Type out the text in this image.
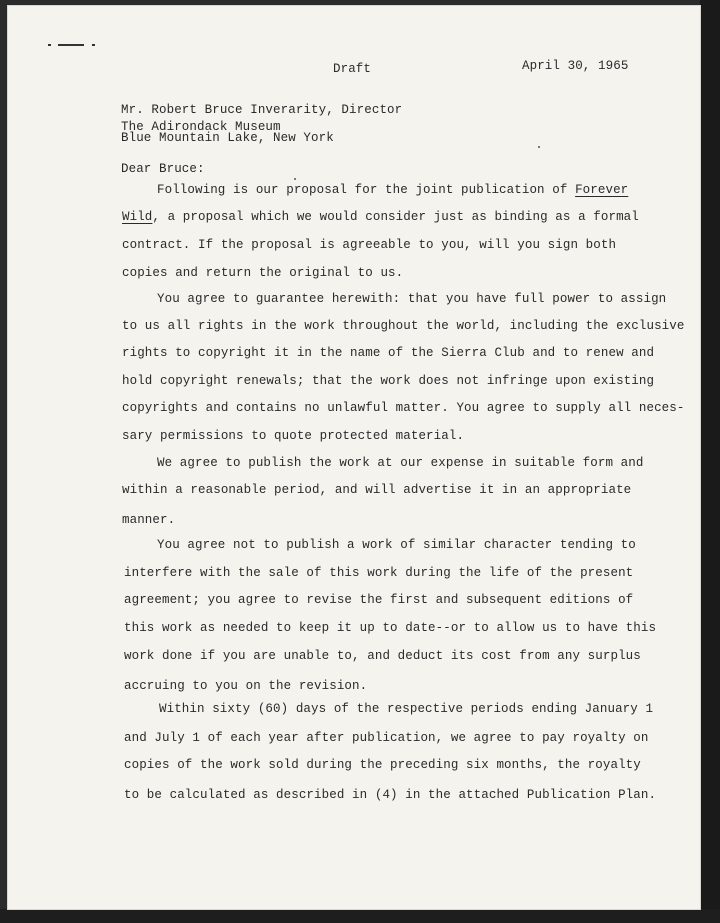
Draft	April 30, 1965
Mr. Robert Bruce Inverarity, Director
The Adirondack Museum
Blue Mountain Lake, New York
Dear Bruce:
Following is our proposal for the joint publication of Forever
Wild, a proposal which we would consider just as binding as a formal
contract. If the proposal is agreeable to you, will you sign both
copies and return the original to us.
You agree to guarantee herewith: that you have full power to assign
to us all rights in the work throughout the world, including the exclusive
rights to copyright it in the name of the Sierra Club and to renew and
hold copyright renewals; that the work does not infringe upon existing
copyrights and contains no unlawful matter. You agree to supply all neces-
sary permissions to quote protected material.
We agree to publish the work at our expense in suitable form and
within a reasonable period, and will advertise it in an appropriate
manner.
You agree not to publish a work of similar character tending to
interfere with the sale of this work during the life of the present
agreement; you agree to revise the first and subsequent editions of
this work as needed to keep it up to date--or to allow us to have this
work done if you are unable to, and deduct its cost from any surplus
accruing to you on the revision.
Within sixty (60) days of the respective periods ending January 1
and July 1 of each year after publication, we agree to pay royalty on
copies of the work sold during the preceding six months, the royalty
to be calculated as described in (4) in the attached Publication Plan.
